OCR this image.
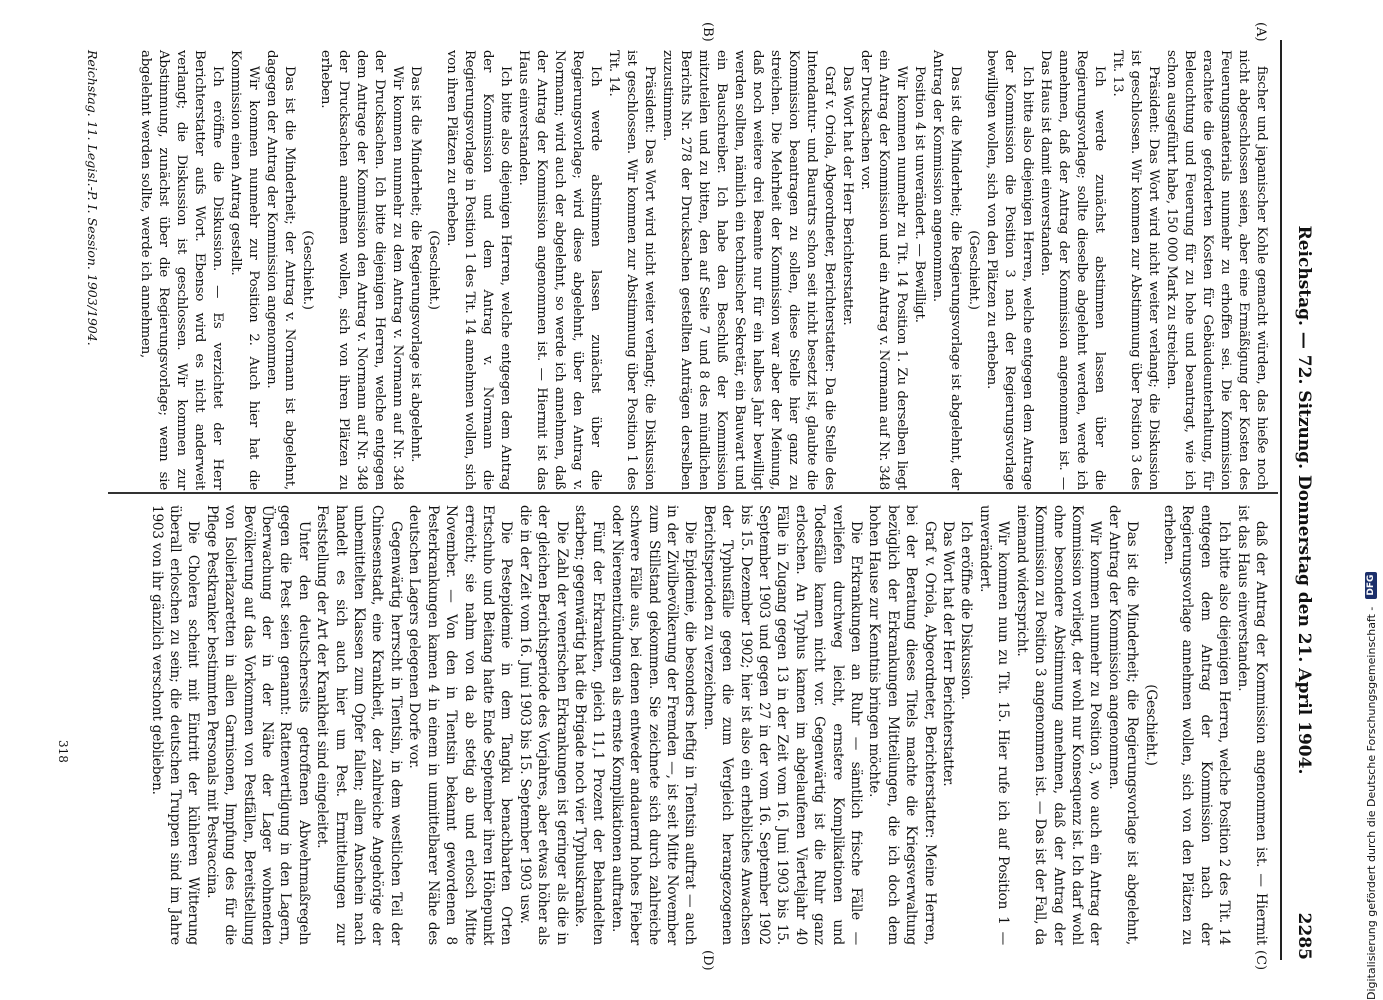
Reichstag. — 72. Sitzung. Donnerstag den 21. April 1904.
2285
(A)
(B)
(C)
(D)

fischer und japanischer Kohle gemacht würden, das hieße noch nicht abgeschlossen seien, aber eine Ermäßigung der Kosten des Feuerungsmaterials nunmehr zu erhoffen sei. Die Kommission erachtete die geforderten Kosten für Gebäudeunterhaltung, für Beleuchtung und Feuerung für zu hohe und beantragt, wie ich schon ausgeführt habe, 150 000 Mark zu streichen.

Präsident: Das Wort wird nicht weiter verlangt; die Diskussion ist geschlossen. Wir kommen zur Abstimmung über Position 3 des Tit. 13.

Ich werde zunächst abstimmen lassen über die Regierungsvorlage; sollte dieselbe abgelehnt werden, werde ich annehmen, daß der Antrag der Kommission angenommen ist. — Das Haus ist damit einverstanden.

Ich bitte also diejenigen Herren, welche entgegen dem Antrage der Kommission die Position 3 nach der Regierungsvorlage bewilligen wollen, sich von den Plätzen zu erheben.

(Geschieht.)

Das ist die Minderheit; die Regierungsvorlage ist abgelehnt, der Antrag der Kommission angenommen.

Position 4 ist unverändert. — Bewilligt.

Wir kommen nunmehr zu Tit. 14 Position 1. Zu derselben liegt ein Antrag der Kommission und ein Antrag v. Normann auf Nr. 348 der Drucksachen vor.

Das Wort hat der Herr Berichterstatter.

Graf v. Oriola, Abgeordneter, Berichterstatter: Da die Stelle des Intendantur- und Bauratrs schon seit nicht besetzt ist, glaubte die Kommission beantragen zu sollen, diese Stelle hier ganz zu streichen. Die Mehrheit der Kommission war aber der Meinung, daß noch weitere drei Beamte nur für ein halbes Jahr bewilligt werden sollten, nämlich ein technischer Sekretär, ein Bauwart und ein Bauschreiber. Ich habe den Beschluß der Kommission mitzuteilen und zu bitten, den auf Seite 7 und 8 des mündlichen Berichts Nr. 278 der Drucksachen gestellten Anträgen derselben zuzustimmen.

Präsident: Das Wort wird nicht weiter verlangt; die Diskussion ist geschlossen. Wir kommen zur Abstimmung über Position 1 des Tit. 14.

Ich werde abstimmen lassen zunächst über die Regierungsvorlage; wird diese abgelehnt, über den Antrag v. Normann; wird auch der abgelehnt, so werde ich annehmen, daß der Antrag der Kommission angenommen ist. — Hiermit ist das Haus einverstanden.

Ich bitte also diejenigen Herren, welche entgegen dem Antrag der Kommission und dem Antrag v. Normann die Regierungsvorlage in Position 1 des Tit. 14 annehmen wollen, sich von ihren Plätzen zu erheben.

(Geschieht.)

Das ist die Minderheit; die Regierungsvorlage ist abgelehnt.

Wir kommen nunmehr zu dem Antrag v. Normann auf Nr. 348 der Drucksachen. Ich bitte diejenigen Herren, welche entgegen dem Antrage der Kommission den Antrag v. Normann auf Nr. 348 der Drucksachen annehmen wollen, sich von ihren Plätzen zu erheben.

(Geschieht.)

Das ist die Minderheit; der Antrag v. Normann ist abgelehnt, dagegen der Antrag der Kommission angenommen.

Wir kommen nunmehr zur Position 2. Auch hier hat die Kommission einen Antrag gestellt.

Ich eröffne die Diskussion. — Es verzichtet der Herr Berichterstatter aufs Wort. Ebenso wird es nicht anderweit verlangt; die Diskussion ist geschlossen. Wir kommen zur Abstimmung, zunächst über die Regierungsvorlage; wenn sie abgelehnt werden sollte, werde ich annehmen,

daß der Antrag der Kommission angenommen ist. — Hiermit ist das Haus einverstanden.

Ich bitte also diejenigen Herren, welche Position 2 des Tit. 14 entgegen dem Antrag der Kommission nach der Regierungsvorlage annehmen wollen, sich von den Plätzen zu erheben.

(Geschieht.)

Das ist die Minderheit; die Regierungsvorlage ist abgelehnt, der Antrag der Kommission angenommen.

Wir kommen nunmehr zu Position 3, wo auch ein Antrag der Kommission vorliegt, der wohl nur Konsequenz ist. Ich darf wohl ohne besondere Abstimmung annehmen, daß der Antrag der Kommission zu Position 3 angenommen ist. — Das ist der Fall, da niemand widerspricht.

Wir kommen nun zu Tit. 15. Hier rufe ich auf Position 1 — unverändert.

Ich eröffne die Diskussion.

Das Wort hat der Herr Berichterstatter.

Graf v. Oriola, Abgeordneter, Berichterstatter: Meine Herren, bei der Beratung dieses Titels machte die Kriegsverwaltung bezüglich der Erkrankungen Mitteilungen, die ich doch dem hohen Hause zur Kenntnis bringen möchte.

Die Erkrankungen an Ruhr — sämtlich frische Fälle — verliefen durchweg leicht, ernstere Komplikationen und Todesfälle kamen nicht vor. Gegenwärtig ist die Ruhr ganz erloschen. An Typhus kamen im abgelaufenen Vierteljahr 40 Fälle in Zugang gegen 13 in der Zeit vom 16. Juni 1903 bis 15. September 1903 und gegen 27 in der vom 16. September 1902 bis 15. Dezember 1902; hier ist also ein erhebliches Anwachsen der Typhusfälle gegen die zum Vergleich herangezogenen Berichtsperioden zu verzeichnen.

Die Epidemie, die besonders heftig in Tientsin auftrat — auch in der Zivilbevölkerung der Fremden —, ist seit Mitte November zum Stillstand gekommen. Sie zeichnete sich durch zahlreiche schwere Fälle aus, bei denen entweder andauernd hohes Fieber oder Nierenentzündungen als ernste Komplikationen auftraten.

Fünf der Erkrankten, gleich 11,1 Prozent der Behandelten starben; gegenwärtig hat die Brigade noch vier Typhuskranke.

Die Zahl der venerischen Erkrankungen ist geringer als die in der gleichen Berichtsperiode des Vorjahres, aber etwas höher als die in der Zeit vom 16. Juni 1903 bis 15. September 1903 usw.

Die Pestepidemie in dem Tangku benachbarten Orten Ertschuho und Beitang hatte Ende September ihren Höhepunkt erreicht; sie nahm von da ab stetig ab und erlosch Mitte November. — Von den in Tientsin bekannt gewordenen 8 Pesterkrankungen kamen 4 in einem in unmittelbarer Nähe des deutschen Lagers gelegenen Dorfe vor.

Gegenwärtig herrscht in Tientsin, in dem westlichen Teil der Chinesenstadt, eine Krankheit, der zahlreiche Angehörige der unbemittelten Klassen zum Opfer fallen; allem Anschein nach handelt es sich auch hier um Pest. Ermittelungen zur Feststellung der Art der Krankheit sind eingeleitet.

Unter den deutscherseits getroffenen Abwehrmaßregeln gegen die Pest seien genannt: Rattenvertilgung in den Lagern, Überwachung der in der Nähe der Lager wohnenden Bevölkerung auf das Vorkommen von Pestfällen, Bereitstellung von Isolierlazaretten in allen Garnisonen, Impfung des für die Pflege Pestkranker bestimmten Personals mit Pestvaccina.

Die Cholera scheint mit Eintritt der kühleren Witterung überall erloschen zu sein; die deutschen Truppen sind im Jahre 1903 von ihr gänzlich verschont geblieben.

Reichstag. 11. Legisl.-P. I. Session. 1903/1904.
318	Digitalisierung gefördert durch die Deutsche Forschungsgemeinschaft -
DFG
